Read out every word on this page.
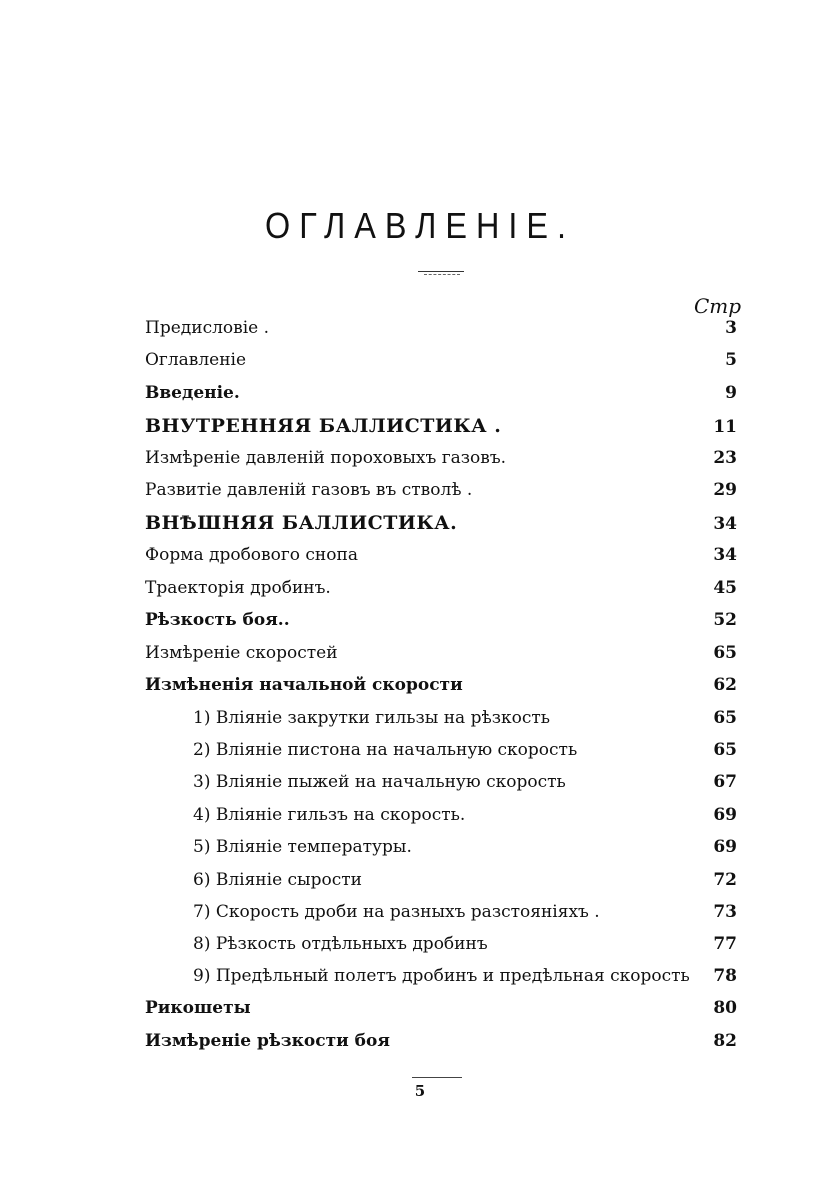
ОГЛАВЛЕНІЕ.
Стр
Предисловіе .	3
Оглавленіе	5
Введеніе.	9
ВНУТРЕННЯЯ БАЛЛИСТИКА .	11
Измѣреніе давленій пороховыхъ газовъ.	23
Развитіе давленій газовъ въ стволѣ .	29
ВНѢШНЯЯ БАЛЛИСТИКА.	34
Форма дробового снопа	34
Траекторія дробинъ.	45
Рѣзкость боя..	52
Измѣреніе скоростей	65
Измѣненія начальной скорости	62
1) Вліяніе закрутки гильзы на рѣзкость	65
2) Вліяніе пистона на начальную скорость	65
3) Вліяніе пыжей на начальную скорость	67
4) Вліяніе гильзъ на скорость.	69
5) Вліяніе температуры.	69
6) Вліяніе сырости	72
7) Скорость дроби на разныхъ разстояніяхъ .	73
8) Рѣзкость отдѣльныхъ дробинъ	77
9) Предѣльный полетъ дробинъ и предѣльная скорость 78
Рикошеты	80
Измѣреніе рѣзкости боя	82
5
